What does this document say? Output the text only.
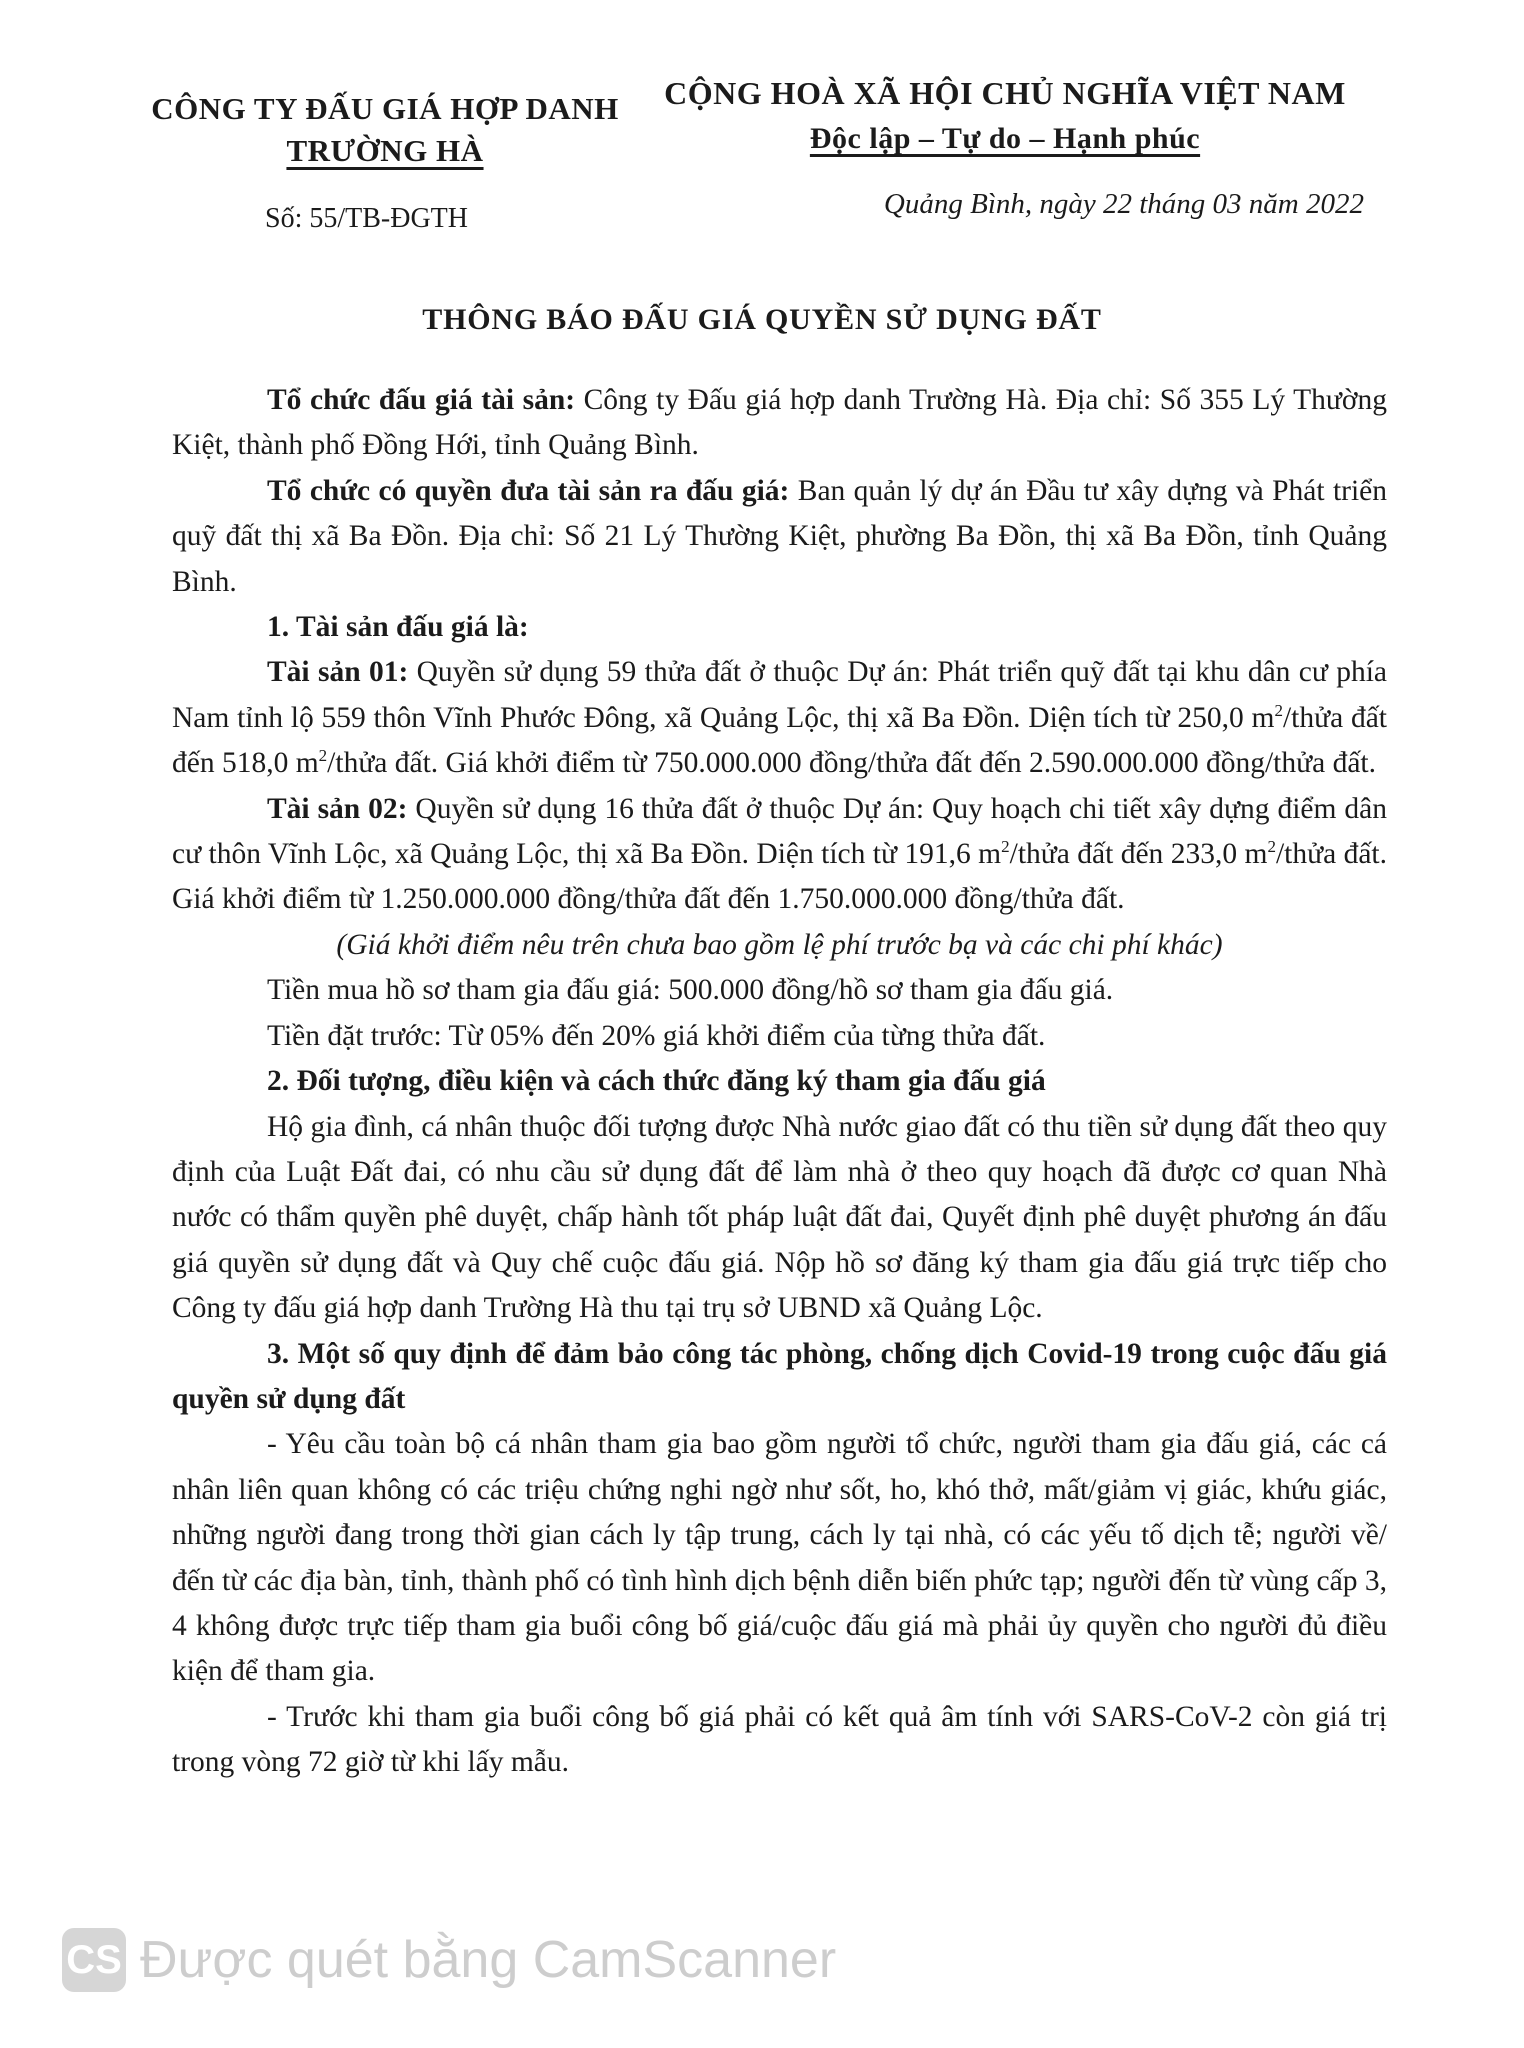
CÔNG TY ĐẤU GIÁ HỢP DANH
TRƯỜNG HÀ
CỘNG HOÀ XÃ HỘI CHỦ NGHĨA VIỆT NAM
Độc lập – Tự do – Hạnh phúc
Số: 55/TB-ĐGTH	Quảng Bình, ngày 22 tháng 03 năm 2022
THÔNG BÁO ĐẤU GIÁ QUYỀN SỬ DỤNG ĐẤT

Tổ chức đấu giá tài sản: Công ty Đấu giá hợp danh Trường Hà. Địa chỉ: Số 355 Lý Thường Kiệt, thành phố Đồng Hới, tỉnh Quảng Bình.

Tổ chức có quyền đưa tài sản ra đấu giá: Ban quản lý dự án Đầu tư xây dựng và Phát triển quỹ đất thị xã Ba Đồn. Địa chỉ: Số 21 Lý Thường Kiệt, phường Ba Đồn, thị xã Ba Đồn, tỉnh Quảng Bình.

1. Tài sản đấu giá là:

Tài sản 01: Quyền sử dụng 59 thửa đất ở thuộc Dự án: Phát triển quỹ đất tại khu dân cư phía Nam tỉnh lộ 559 thôn Vĩnh Phước Đông, xã Quảng Lộc, thị xã Ba Đồn. Diện tích từ 250,0 $m^2$/thửa đất đến 518,0 $m^2$/thửa đất. Giá khởi điểm từ 750.000.000 đồng/thửa đất đến 2.590.000.000 đồng/thửa đất.

Tài sản 02: Quyền sử dụng 16 thửa đất ở thuộc Dự án: Quy hoạch chi tiết xây dựng điểm dân cư thôn Vĩnh Lộc, xã Quảng Lộc, thị xã Ba Đồn. Diện tích từ 191,6 $m^2$/thửa đất đến 233,0 $m^2$/thửa đất. Giá khởi điểm từ 1.250.000.000 đồng/thửa đất đến 1.750.000.000 đồng/thửa đất.

(Giá khởi điểm nêu trên chưa bao gồm lệ phí trước bạ và các chi phí khác)

Tiền mua hồ sơ tham gia đấu giá: 500.000 đồng/hồ sơ tham gia đấu giá.

Tiền đặt trước: Từ 05% đến 20% giá khởi điểm của từng thửa đất.

2. Đối tượng, điều kiện và cách thức đăng ký tham gia đấu giá

Hộ gia đình, cá nhân thuộc đối tượng được Nhà nước giao đất có thu tiền sử dụng đất theo quy định của Luật Đất đai, có nhu cầu sử dụng đất để làm nhà ở theo quy hoạch đã được cơ quan Nhà nước có thẩm quyền phê duyệt, chấp hành tốt pháp luật đất đai, Quyết định phê duyệt phương án đấu giá quyền sử dụng đất và Quy chế cuộc đấu giá. Nộp hồ sơ đăng ký tham gia đấu giá trực tiếp cho Công ty đấu giá hợp danh Trường Hà thu tại trụ sở UBND xã Quảng Lộc.

3. Một số quy định để đảm bảo công tác phòng, chống dịch Covid-19 trong cuộc đấu giá quyền sử dụng đất

- Yêu cầu toàn bộ cá nhân tham gia bao gồm người tổ chức, người tham gia đấu giá, các cá nhân liên quan không có các triệu chứng nghi ngờ như sốt, ho, khó thở, mất/giảm vị giác, khứu giác, những người đang trong thời gian cách ly tập trung, cách ly tại nhà, có các yếu tố dịch tễ; người về/đến từ các địa bàn, tỉnh, thành phố có tình hình dịch bệnh diễn biến phức tạp; người đến từ vùng cấp 3, 4 không được trực tiếp tham gia buổi công bố giá/cuộc đấu giá mà phải ủy quyền cho người đủ điều kiện để tham gia.

- Trước khi tham gia buổi công bố giá phải có kết quả âm tính với SARS-CoV-2 còn giá trị trong vòng 72 giờ từ khi lấy mẫu.

CS Được quét bằng CamScanner
